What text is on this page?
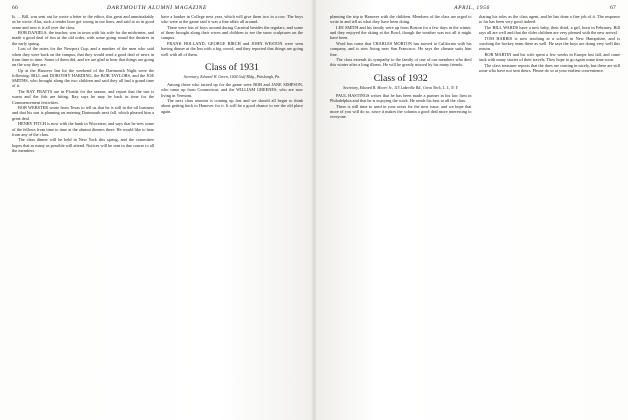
66	DARTMOUTH ALUMNI MAGAZINE

Is. ... Bill, was sent out he wrote a letter to the editor, this great and unmistakably as he wrote. Alas, such a tender bore got wrong in our lines, and said to us in good sense and now it is all over the class.

BOB DANIELS, the teacher, was in town with his wife for the midwinter, and made a good deal of fun at the old order, with some going round the theatres in the early spring.

Lost of the notes for the Newport Cup, and a number of the men who said when they were back on the campus, that they would send a good deal of news in from time to time. Some of them did, and we are glad to hear that things are going on the way they are.

Up at the Hanover Inn for the weekend of the Dartmouth Night were the following: BILL and DOROTHY HARDING, the BOB TAYLORS, and the JOE SMITHS, who brought along the two children and said they all had a grand time of it.

The RAY PRATTS are in Florida for the season, and report that the sun is warm and the fish are biting. Ray says he may be back in time for the Commencement festivities.

BOB WEBSTER wrote from Texas to tell us that he is still in the oil business and that his son is planning on entering Dartmouth next fall, which pleased him a great deal.

HENRY FITCH is now with the bank in Worcester, and says that he sees some of the fellows from time to time at the alumni dinners there. He would like to hear from any of the class.

The class dinner will be held in New York this spring, and the committee hopes that as many as possible will attend. Notices will be sent in due course to all the members.

have a banker in College next year, which will give them two in a row. The boys who were at the game said it was a fine affair all around.

There were lots of boys around during Carnival besides the regulars, and some of them brought along their wives and children to see the snow sculptures on the campus.

FRANK HOLLAND, GEORGE BIRCH and JOHN WESTON were seen having dinner at the Inn with a big crowd, and they reported that things are going well with all of them.

Class of 1931
Secretary, Edward W. Green, 1004 Gulf Bldg., Pittsburgh, Pa.

Among those who turned up for the game were BOB and JANE SIMPSON, who came up from Connecticut, and the WILLIAM GREENES, who are now living in Vermont.

The next class reunion is coming up fast and we should all begin to think about getting back to Hanover for it. It will be a good chance to see the old place again.

APRIL, 1956	67

planning the trip to Hanover with the children. Members of the class are urged to write in and tell us what they have been doing.

LEE SMITH and his family were up from Boston for a few days in the winter, and they enjoyed the skiing at the Bowl, though the weather was not all it might have been.

Word has come that CHARLES MORTON has moved to California with his company, and is now living near San Francisco. He says the climate suits him fine.

The class extends its sympathy to the family of one of our members who died this winter after a long illness. He will be greatly missed by his many friends.

Class of 1932
Secretary, Edward B. Moore Jr., 115 Lakeville Rd., Great Neck, L. I., N. Y.

PAUL HASTINGS writes that he has been made a partner in his law firm in Philadelphia and that he is enjoying the work. He sends his best to all the class.

There is still time to send in your notes for the next issue, and we hope that more of you will do so, since it makes the column a good deal more interesting to everyone.

sharing his roles as the class agent, and he has done a fine job of it. The response so far has been very good indeed.

The BILL WARDS have a new baby, their third, a girl, born in February. Bill says all are well and that the older children are very pleased with the new arrival.

TOM HARRIS is now teaching at a school in New Hampshire, and is coaching the hockey team there as well. He says the boys are doing very well this season.

BOB MARTIN and his wife spent a few weeks in Europe last fall, and came back with many stories of their travels. They hope to go again some time soon.

The class treasurer reports that the dues are coming in nicely, but there are still some who have not sent theirs. Please do so at your earliest convenience.
